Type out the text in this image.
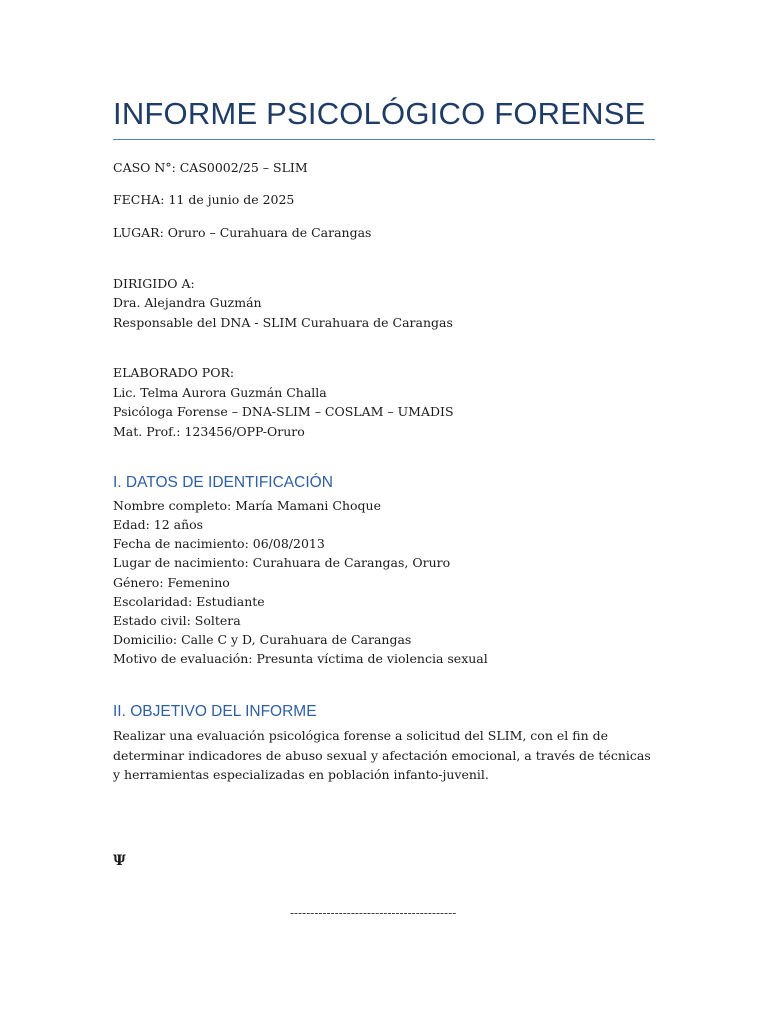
INFORME PSICOLÓGICO FORENSE
CASO N°: CAS0002/25 – SLIM
FECHA: 11 de junio de 2025
LUGAR: Oruro – Curahuara de Carangas
DIRIGIDO A:
Dra. Alejandra Guzmán
Responsable del DNA - SLIM Curahuara de Carangas
ELABORADO POR:
Lic. Telma Aurora Guzmán Challa
Psicóloga Forense – DNA-SLIM – COSLAM – UMADIS
Mat. Prof.: 123456/OPP-Oruro
I. DATOS DE IDENTIFICACIÓN
Nombre completo: María Mamani Choque
Edad: 12 años
Fecha de nacimiento: 06/08/2013
Lugar de nacimiento: Curahuara de Carangas, Oruro
Género: Femenino
Escolaridad: Estudiante
Estado civil: Soltera
Domicilio: Calle C y D, Curahuara de Carangas
Motivo de evaluación: Presunta víctima de violencia sexual
II. OBJETIVO DEL INFORME
Realizar una evaluación psicológica forense a solicitud del SLIM, con el fin de determinar indicadores de abuso sexual y afectación emocional, a través de técnicas y herramientas especializadas en población infanto-juvenil.
Ψ
-----------------------------------------
